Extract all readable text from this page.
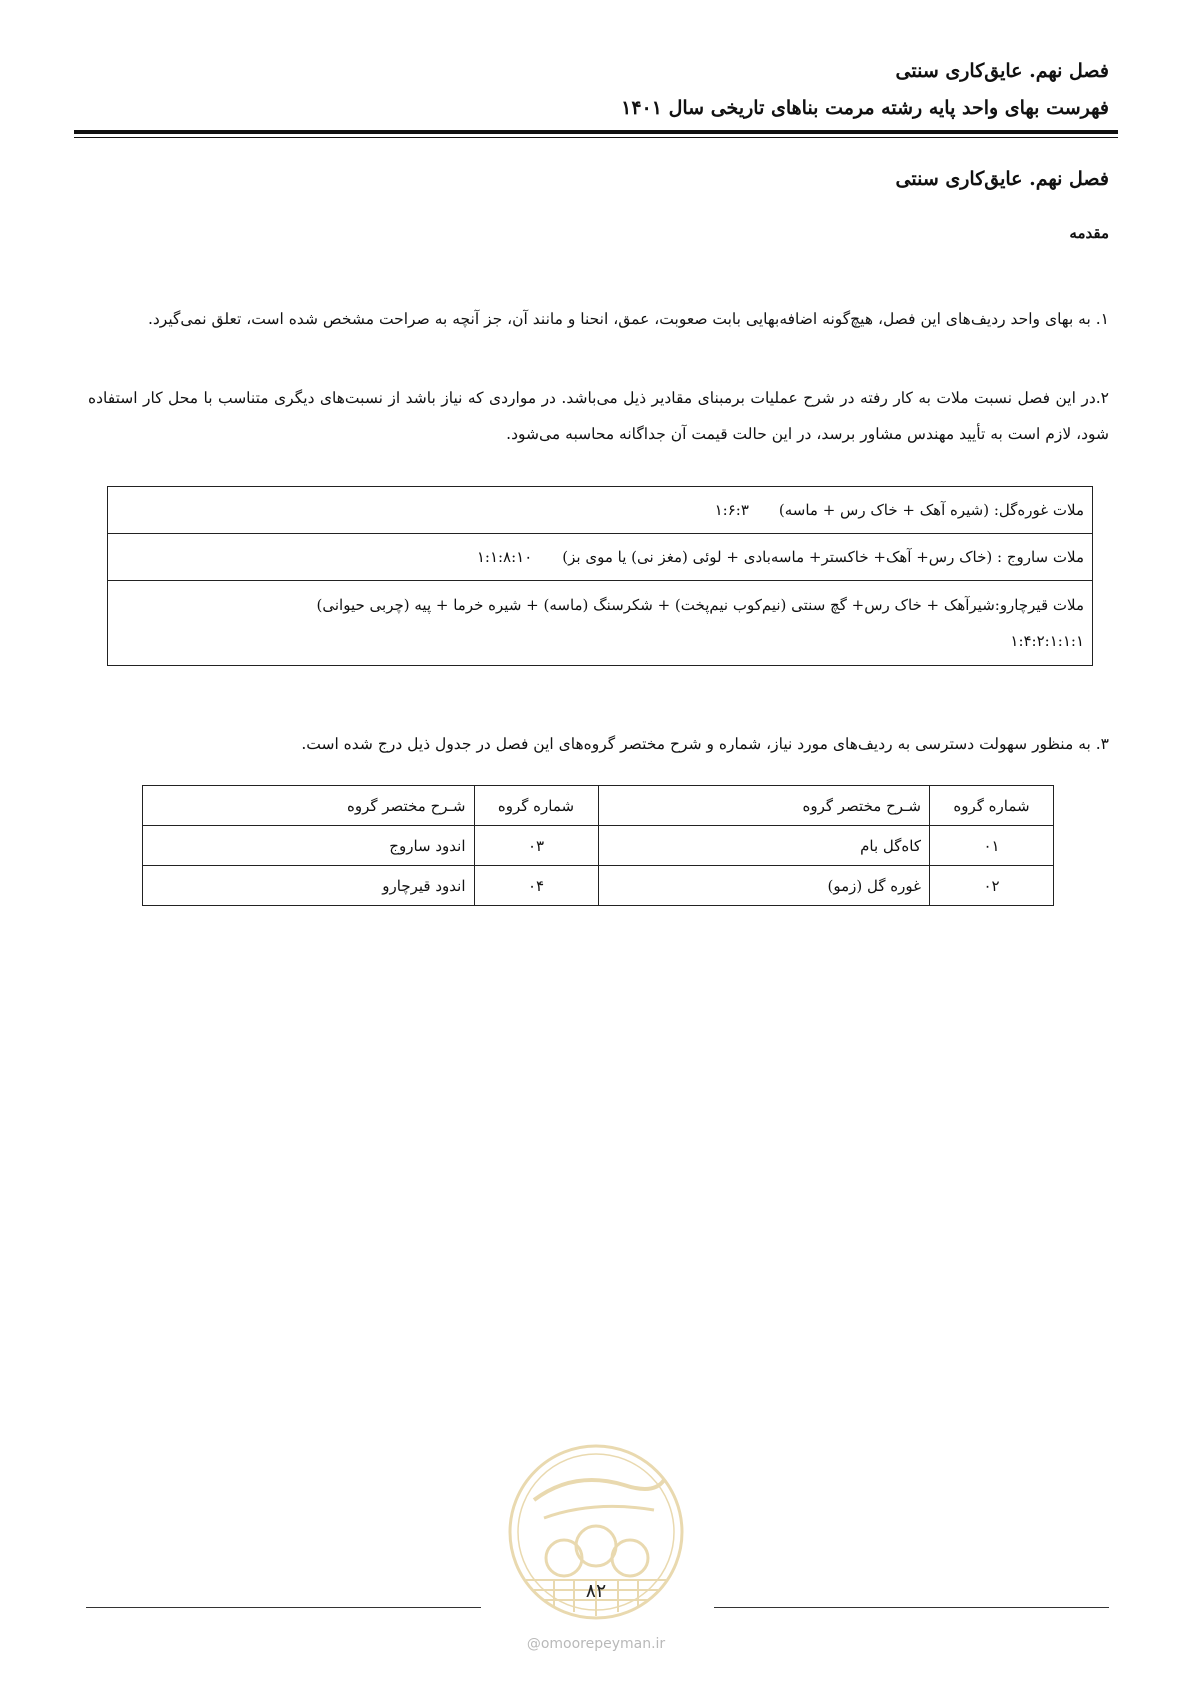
فصل نهم. عایق‌کاری سنتی
فهرست بهای واحد پایه رشته مرمت بناهای تاریخی سال ۱۴۰۱
فصل نهم. عایق‌کاری سنتی
مقدمه

۱. به بهای واحد ردیف‌های این فصل، هیچ‌گونه اضافه‌بهایی بابت صعوبت، عمق، انحنا و مانند آن، جز آنچه به صراحت مشخص شده است، تعلق نمی‌گیرد.

۲.در این فصل نسبت ملات به کار رفته در شرح عملیات برمبنای مقادیر ذیل می‌باشد. در مواردی که نیاز باشد از نسبت‌های دیگری متناسب با محل کار استفاده شود، لازم است به تأیید مهندس مشاور برسد، در این حالت قیمت آن جداگانه محاسبه می‌شود.

ملات غوره‌گل: (شیره آهک + خاک رس + ماسه)۱:۶:۳
ملات ساروج : (خاک رس+ آهک+ خاکستر+ ماسه‌بادی + لوئی (مغز نی) یا موی بز)۱:۱:۸:۱۰
ملات قیرچارو:شیرآهک + خاک رس+ گچ سنتی (نیم‌کوب نیم‌پخت) + شکرسنگ (ماسه) + شیره خرما + پیه (چربی حیوانی)
۱:۴:۲:۱:۱:۱

۳. به منظور سهولت دسترسی به ردیف‌های مورد نیاز، شماره و شرح مختصر گروه‌های این فصل در جدول ذیل درج شده است.

شماره گروه	شـرح مختصر گروه	شماره گروه	شـرح مختصر گروه
۰۱	کاه‌گل بام	۰۳	اندود ساروج
۰۲	غوره گل (زمو)	۰۴	اندود قیرچارو
۸۲
@omoorepeyman.ir
